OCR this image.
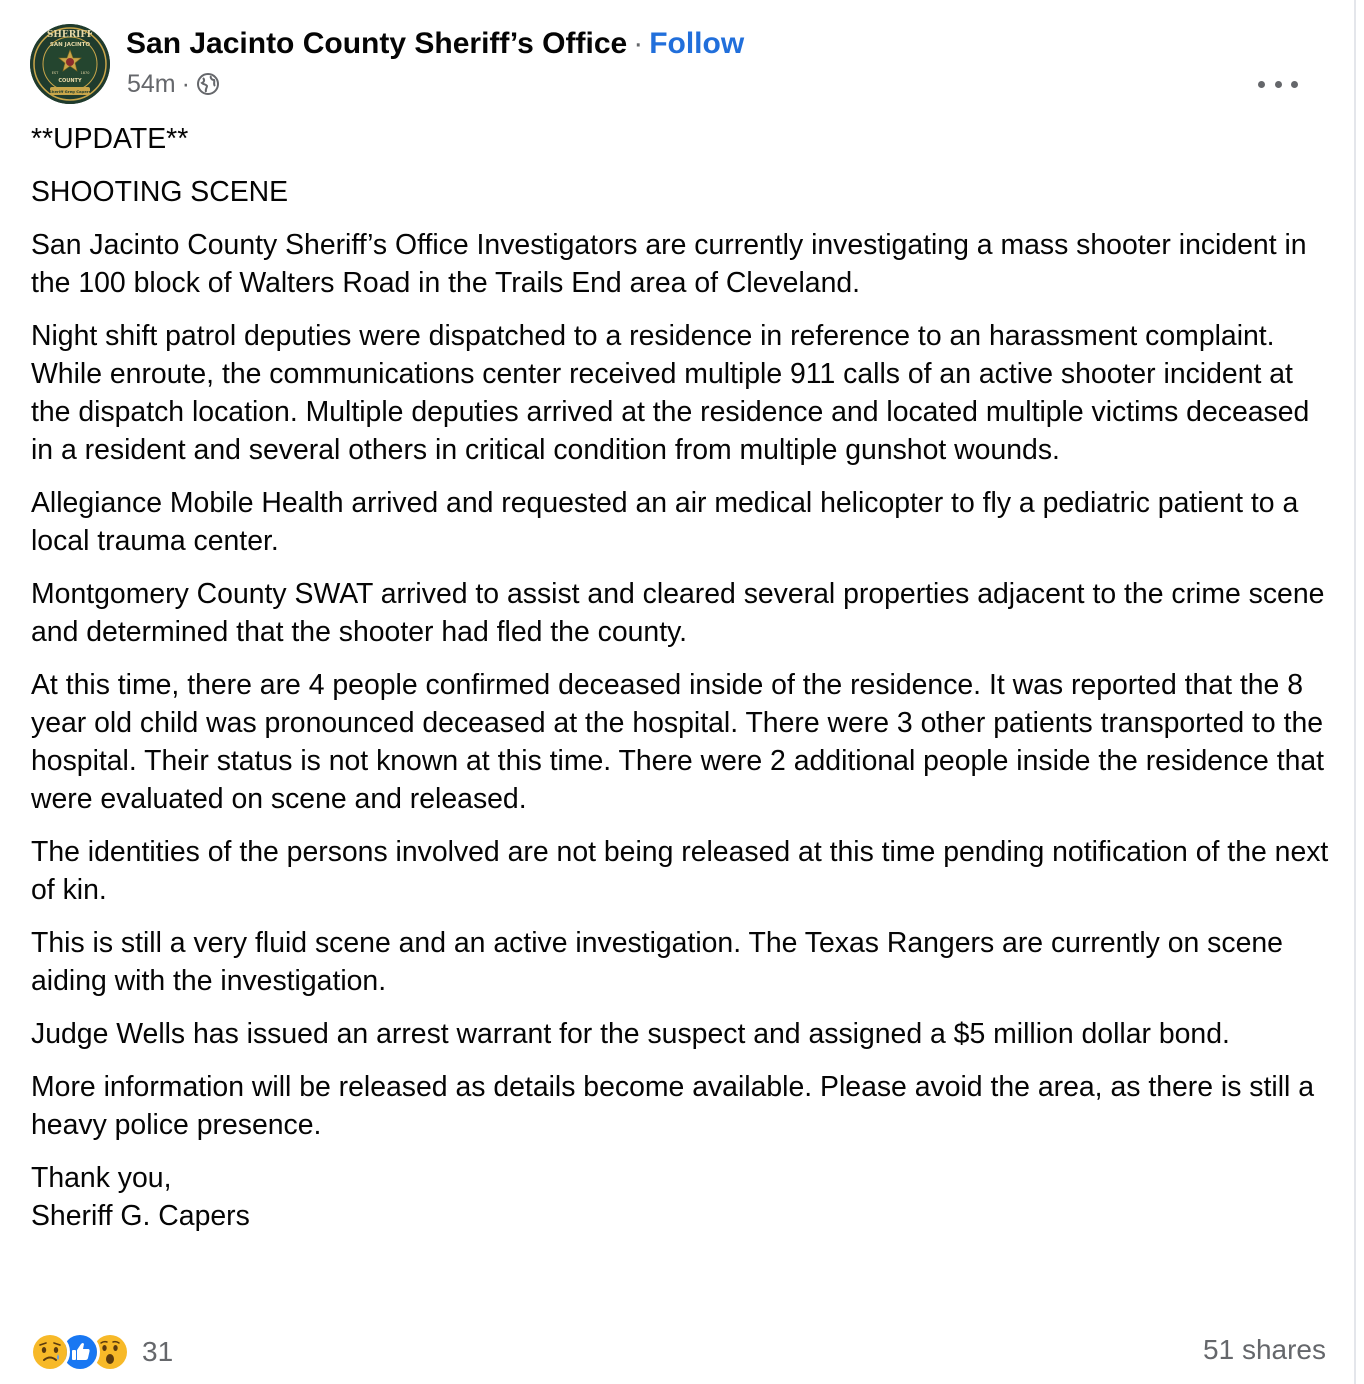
SHERIFF
SAN JACINTO
EST	1870
COUNTY
Sheriff Greg Capers
San Jacinto County Sheriff’s Office · Follow
54m ·

**UPDATE**

SHOOTING SCENE

San Jacinto County Sheriff’s Office Investigators are currently investigating a mass shooter incident in the 100 block of Walters Road in the Trails End area of Cleveland.

Night shift patrol deputies were dispatched to a residence in reference to an harassment complaint. While enroute, the communications center received multiple 911 calls of an active shooter incident at the dispatch location. Multiple deputies arrived at the residence and located multiple victims deceased in a resident and several others in critical condition from multiple gunshot wounds.

Allegiance Mobile Health arrived and requested an air medical helicopter to fly a pediatric patient to a local trauma center.

Montgomery County SWAT arrived to assist and cleared several properties adjacent to the crime scene and determined that the shooter had fled the county.

At this time, there are 4 people confirmed deceased inside of the residence. It was reported that the 8 year old child was pronounced deceased at the hospital. There were 3 other patients transported to the hospital. Their status is not known at this time. There were 2 additional people inside the residence that were evaluated on scene and released.

The identities of the persons involved are not being released at this time pending notification of the next of kin.

This is still a very fluid scene and an active investigation. The Texas Rangers are currently on scene aiding with the investigation.

Judge Wells has issued an arrest warrant for the suspect and assigned a $5 million dollar bond.

More information will be released as details become available. Please avoid the area, as there is still a heavy police presence.

Thank you,
Sheriff G. Capers

31	51 shares
